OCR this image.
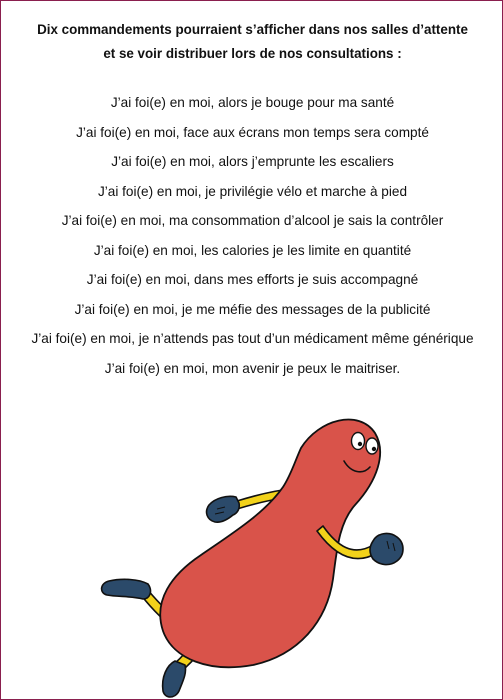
Dix commandements pourraient s’afficher dans nos salles d’attente
et se voir distribuer lors de nos consultations :
J’ai foi(e) en moi, alors je bouge pour ma santé
J’ai foi(e) en moi, face aux écrans mon temps sera compté
J’ai foi(e) en moi, alors j’emprunte les escaliers
J’ai foi(e) en moi, je privilégie vélo et marche à pied
J’ai foi(e) en moi, ma consommation d’alcool je sais la contrôler
J’ai foi(e) en moi, les calories je les limite en quantité
J’ai foi(e) en moi, dans mes efforts je suis accompagné
J’ai foi(e) en moi, je me méfie des messages de la publicité
J’ai foi(e) en moi, je n’attends pas tout d’un médicament même générique
J’ai foi(e) en moi, mon avenir je peux le maitriser.
